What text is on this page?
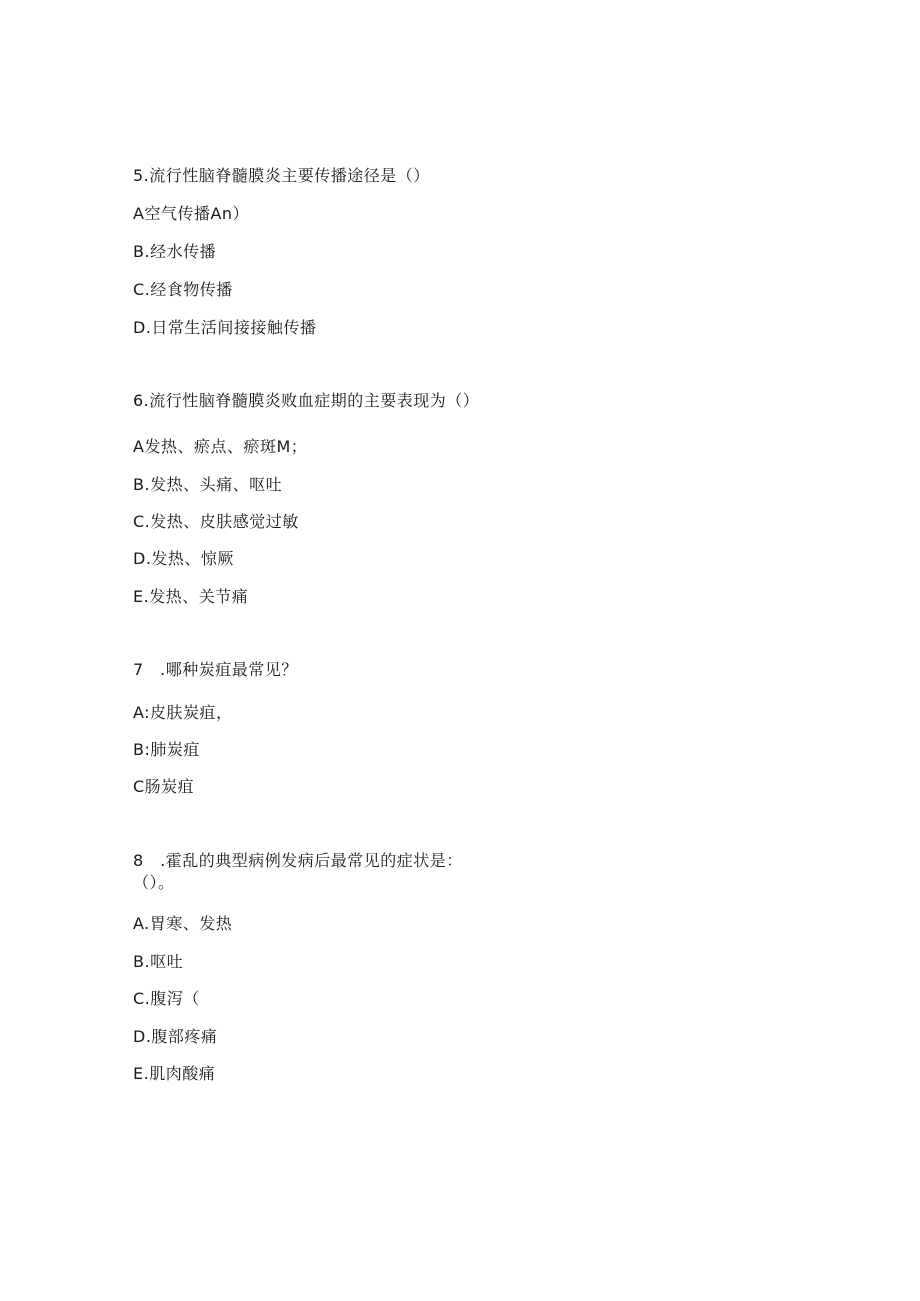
5.流行性脑脊髓膜炎主要传播途径是（）
A空气传播An）
B.经水传播
C.经食物传播
D.日常生活间接接触传播
6.流行性脑脊髓膜炎败血症期的主要表现为（）
A发热、瘀点、瘀斑M；
B.发热、头痛、呕吐
C.发热、皮肤感觉过敏
D.发热、惊厥
E.发热、关节痛
7　.哪种炭疽最常见？
A:皮肤炭疽，
B:肺炭疽
C肠炭疽
8　.霍乱的典型病例发病后最常见的症状是：
（）。
A.胃寒、发热
B.呕吐
C.腹泻（
D.腹部疼痛
E.肌肉酸痛
